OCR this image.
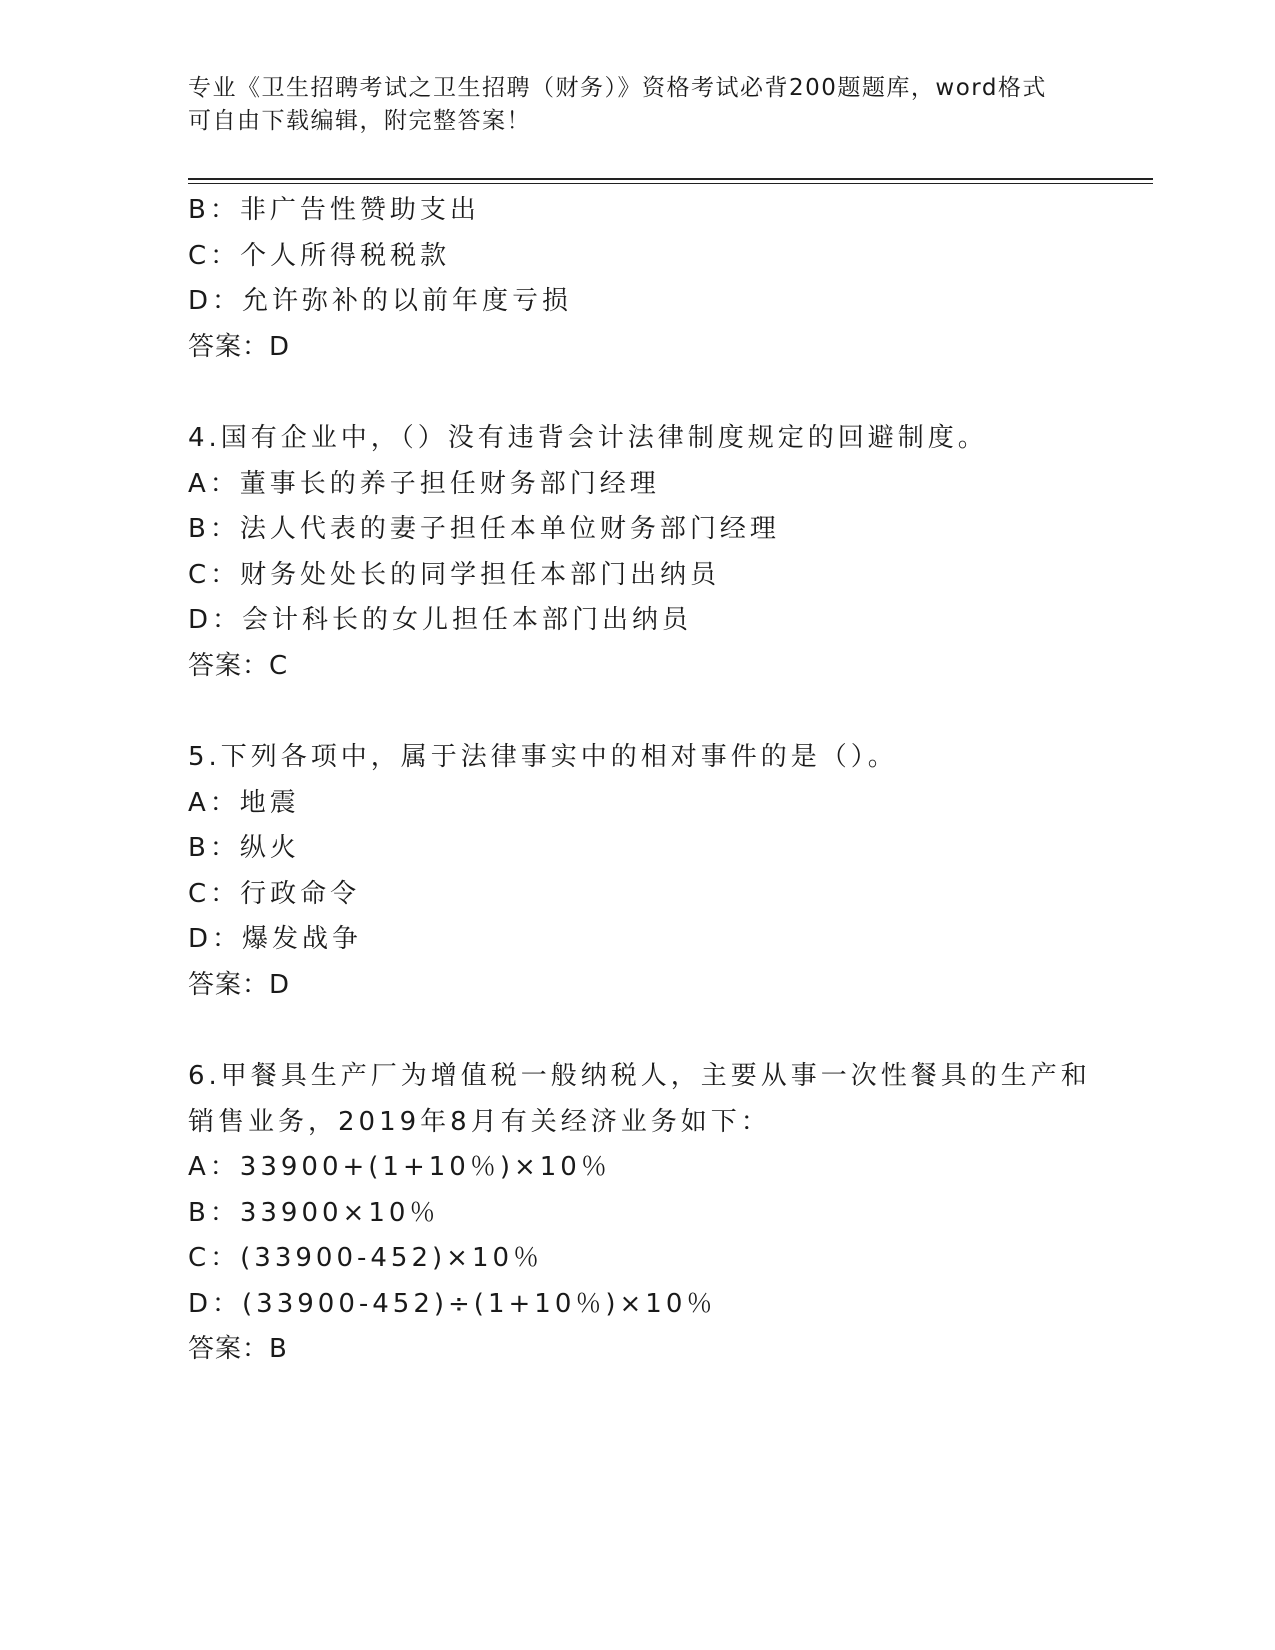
专业《卫生招聘考试之卫生招聘（财务）》资格考试必背200题题库，word格式
可自由下载编辑，附完整答案！
B：非广告性赞助支出
C：个人所得税税款
D：允许弥补的以前年度亏损
答案：D
4.国有企业中，（）没有违背会计法律制度规定的回避制度。
A：董事长的养子担任财务部门经理
B：法人代表的妻子担任本单位财务部门经理
C：财务处处长的同学担任本部门出纳员
D：会计科长的女儿担任本部门出纳员
答案：C
5.下列各项中，属于法律事实中的相对事件的是（）。
A：地震
B：纵火
C：行政命令
D：爆发战争
答案：D
6.甲餐具生产厂为增值税一般纳税人，主要从事一次性餐具的生产和
销售业务，2019年8月有关经济业务如下：
A：33900+(1+10％)×10％
B：33900×10％
C：(33900-452)×10％
D：(33900-452)÷(1+10％)×10％
答案：B
